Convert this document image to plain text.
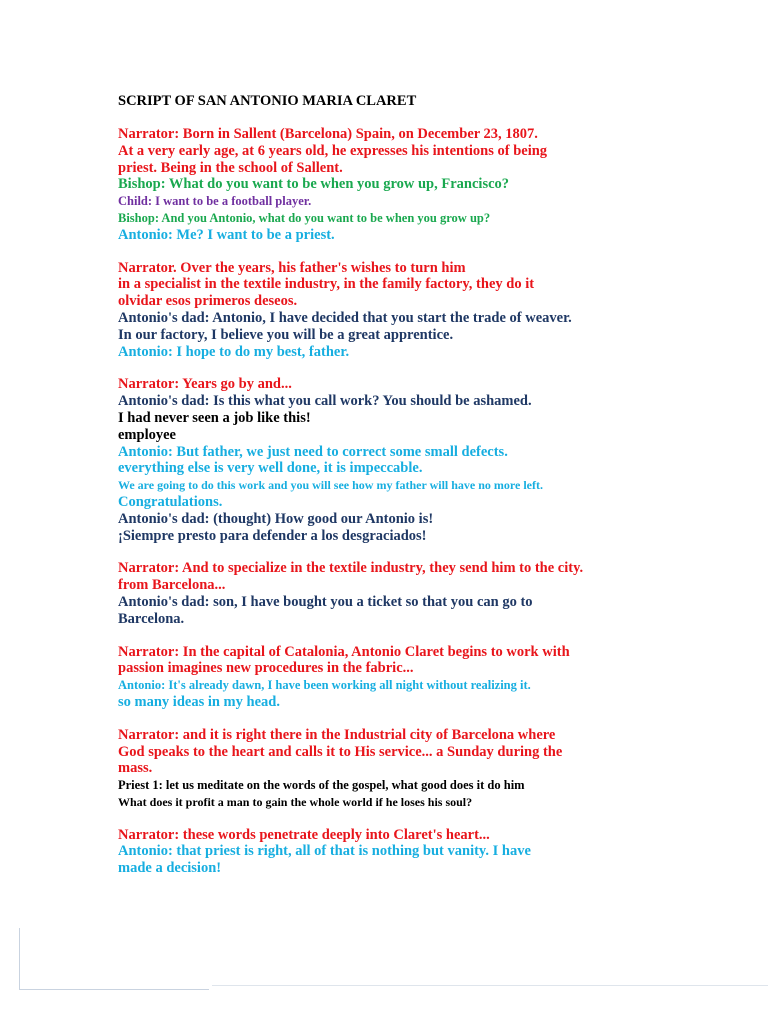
SCRIPT OF SAN ANTONIO MARIA CLARET
Narrator: Born in Sallent (Barcelona) Spain, on December 23, 1807.
At a very early age, at 6 years old, he expresses his intentions of being
priest. Being in the school of Sallent.
Bishop: What do you want to be when you grow up, Francisco?
Child: I want to be a football player.
Bishop: And you Antonio, what do you want to be when you grow up?
Antonio: Me? I want to be a priest.
Narrator. Over the years, his father's wishes to turn him
in a specialist in the textile industry, in the family factory, they do it
olvidar esos primeros deseos.
Antonio's dad: Antonio, I have decided that you start the trade of weaver.
In our factory, I believe you will be a great apprentice.
Antonio: I hope to do my best, father.
Narrator: Years go by and...
Antonio's dad: Is this what you call work? You should be ashamed.
I had never seen a job like this!
employee
Antonio: But father, we just need to correct some small defects.
everything else is very well done, it is impeccable.
We are going to do this work and you will see how my father will have no more left.
Congratulations.
Antonio's dad: (thought) How good our Antonio is!
¡Siempre presto para defender a los desgraciados!
Narrator: And to specialize in the textile industry, they send him to the city.
from Barcelona...
Antonio's dad: son, I have bought you a ticket so that you can go to
Barcelona.
Narrator: In the capital of Catalonia, Antonio Claret begins to work with
passion imagines new procedures in the fabric...
Antonio: It's already dawn, I have been working all night without realizing it.
so many ideas in my head.
Narrator: and it is right there in the Industrial city of Barcelona where
God speaks to the heart and calls it to His service... a Sunday during the
mass.
Priest 1: let us meditate on the words of the gospel, what good does it do him
What does it profit a man to gain the whole world if he loses his soul?
Narrator: these words penetrate deeply into Claret's heart...
Antonio: that priest is right, all of that is nothing but vanity. I have
made a decision!
